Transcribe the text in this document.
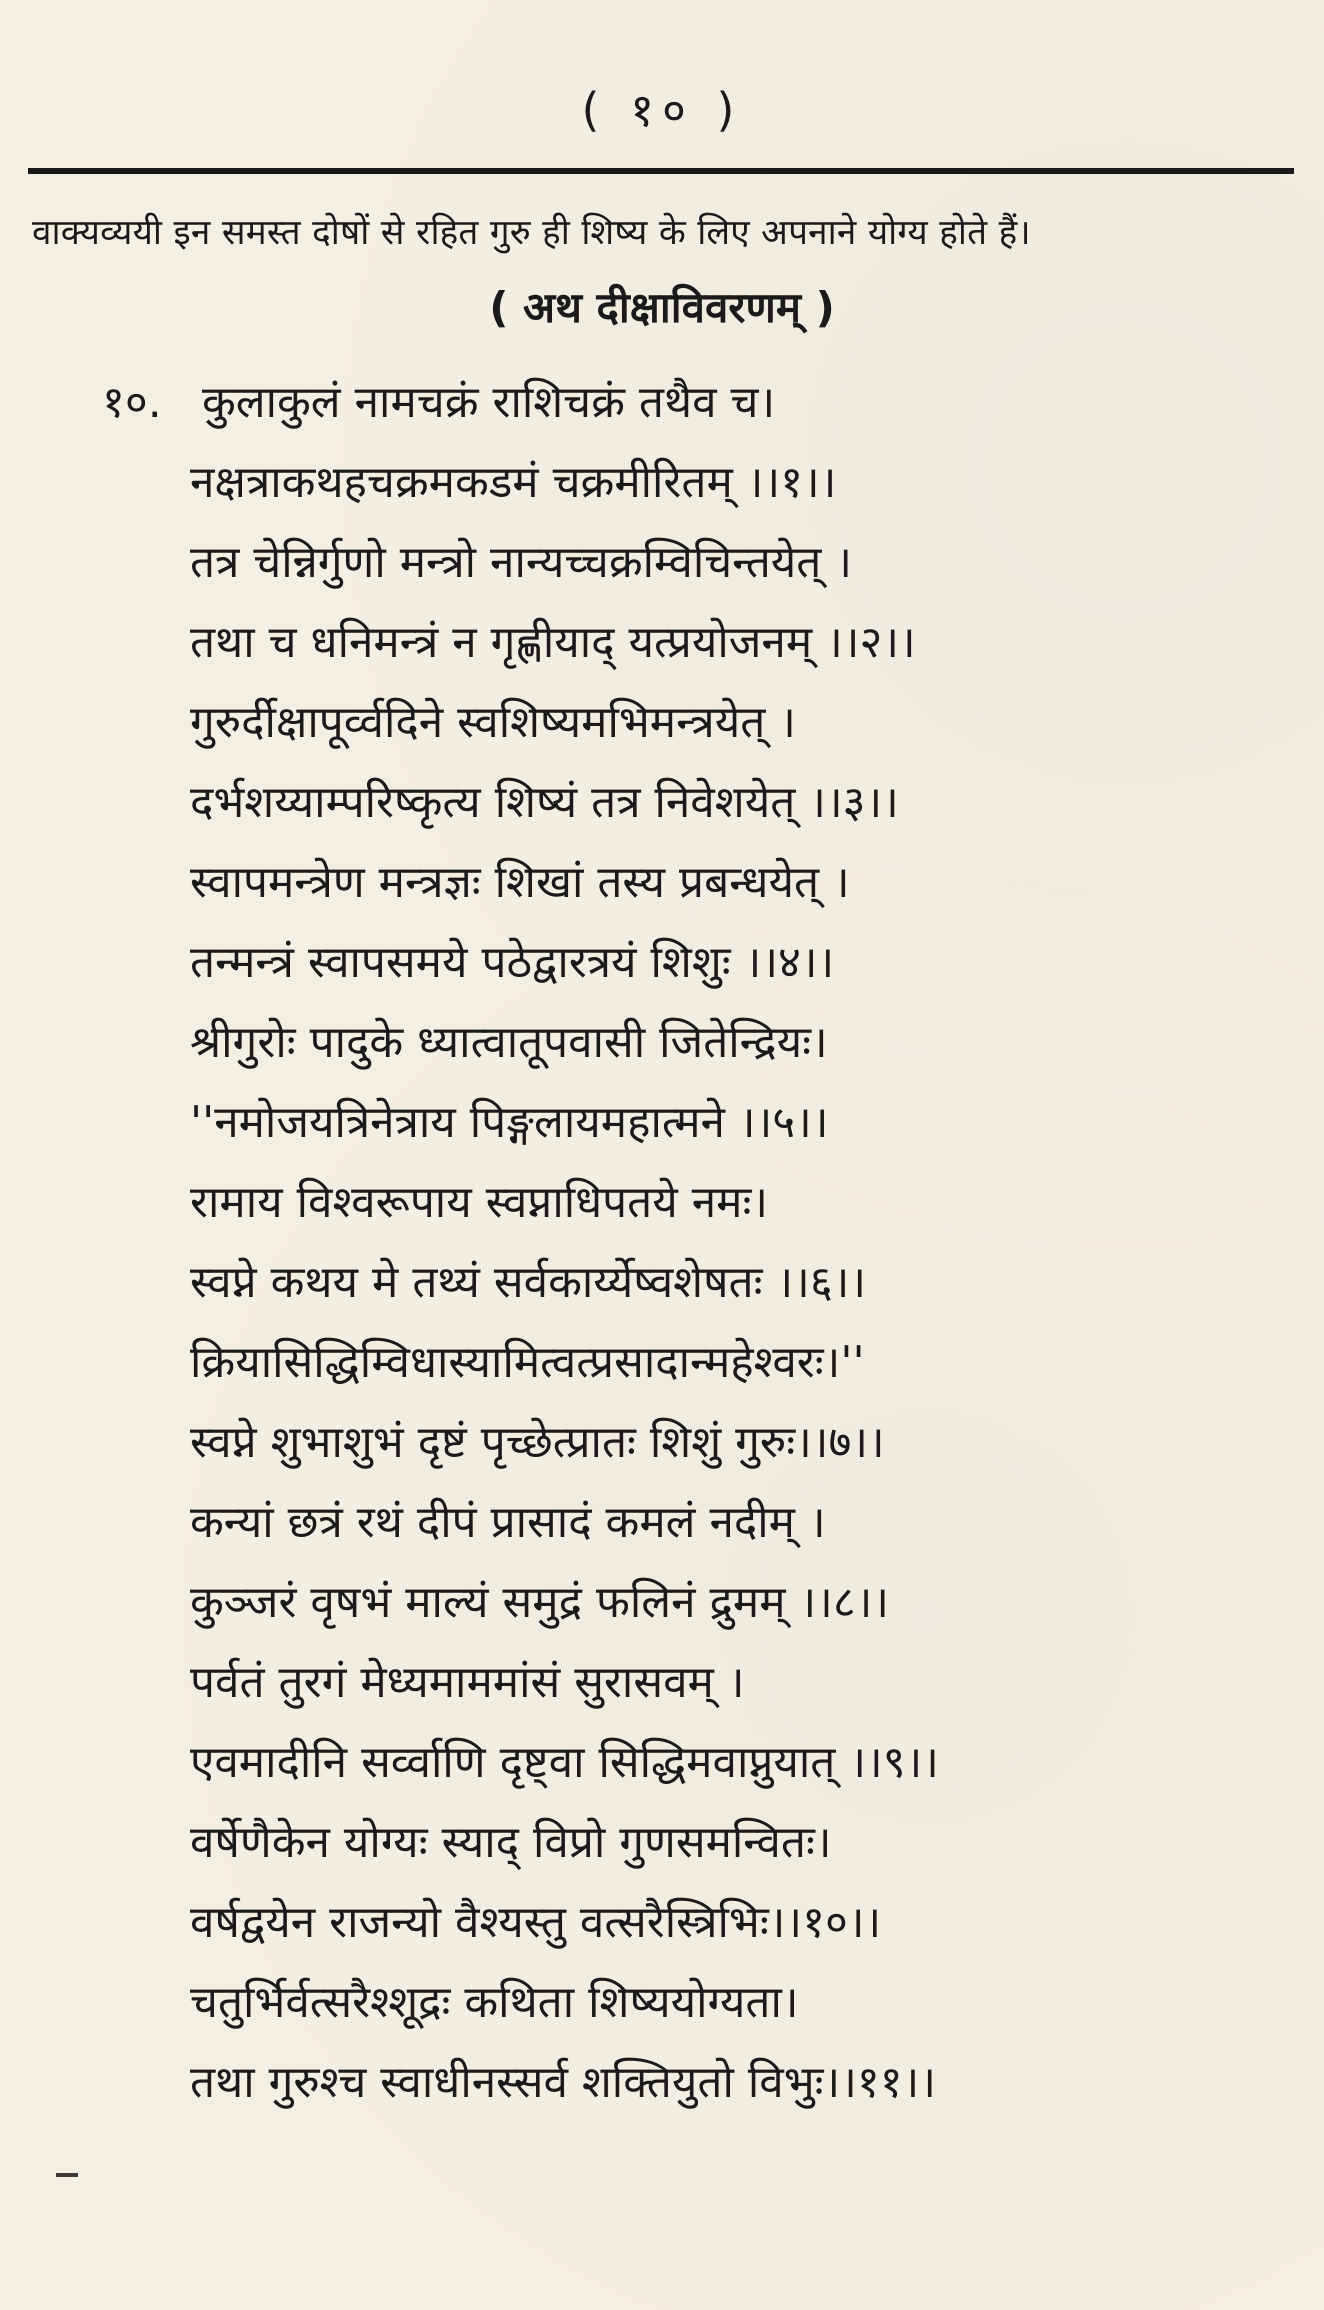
( १० )
वाक्यव्ययी इन समस्त दोषों से रहित गुरु ही शिष्य के लिए अपनाने योग्य होते हैं।
( अथ दीक्षाविवरणम् )
१०. कुलाकुलं नामचक्रं राशिचक्रं तथैव च।
नक्षत्राकथहचक्रमकडमं चक्रमीरितम् ।।१।।
तत्र चेन्निर्गुणो मन्त्रो नान्यच्चक्रम्विचिन्तयेत् ।
तथा च धनिमन्त्रं न गृह्णीयाद् यत्प्रयोजनम् ।।२।।
गुरुर्दीक्षापूर्व्वदिने स्वशिष्यमभिमन्त्रयेत् ।
दर्भशय्याम्परिष्कृत्य शिष्यं तत्र निवेशयेत् ।।३।।
स्वापमन्त्रेण मन्त्रज्ञः शिखां तस्य प्रबन्धयेत् ।
तन्मन्त्रं स्वापसमये पठेद्वारत्रयं शिशुः ।।४।।
श्रीगुरोः पादुके ध्यात्वातूपवासी जितेन्द्रियः।
''नमोजयत्रिनेत्राय पिङ्गलायमहात्मने ।।५।।
रामाय विश्वरूपाय स्वप्नाधिपतये नमः।
स्वप्ने कथय मे तथ्यं सर्वकार्य्येष्वशेषतः ।।६।।
क्रियासिद्धिम्विधास्यामित्वत्प्रसादान्महेश्वरः।''
स्वप्ने शुभाशुभं दृष्टं पृच्छेत्प्रातः शिशुं गुरुः।।७।।
कन्यां छत्रं रथं दीपं प्रासादं कमलं नदीम् ।
कुञ्जरं वृषभं माल्यं समुद्रं फलिनं द्रुमम् ।।८।।
पर्वतं तुरगं मेध्यमाममांसं सुरासवम् ।
एवमादीनि सर्व्वाणि दृष्ट्वा सिद्धिमवाप्नुयात् ।।९।।
वर्षेणैकेन योग्यः स्याद् विप्रो गुणसमन्वितः।
वर्षद्वयेन राजन्यो वैश्यस्तु वत्सरैस्त्रिभिः।।१०।।
चतुर्भिर्वत्सरैश्शूद्रः कथिता शिष्ययोग्यता।
तथा गुरुश्च स्वाधीनस्सर्व शक्तियुतो विभुः।।११।।
